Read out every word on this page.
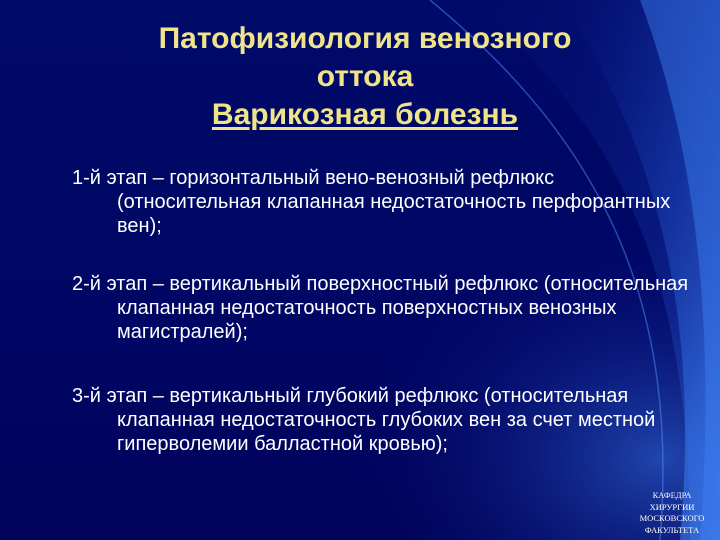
Патофизиология венозного
оттока
Варикозная болезнь

1-й этап – горизонтальный вено-венозный рефлюкс (относительная клапанная недостаточность перфорантных вен);

2-й этап – вертикальный поверхностный рефлюкс (относительная клапанная недостаточность поверхностных венозных магистралей);

3-й этап – вертикальный глубокий рефлюкс (относительная клапанная недостаточность глубоких вен за счет местной гиперволемии балластной кровью);

КАФЕДРА
ХИРУРГИИ
МОСКОВСКОГО
ФАКУЛЬТЕТА
